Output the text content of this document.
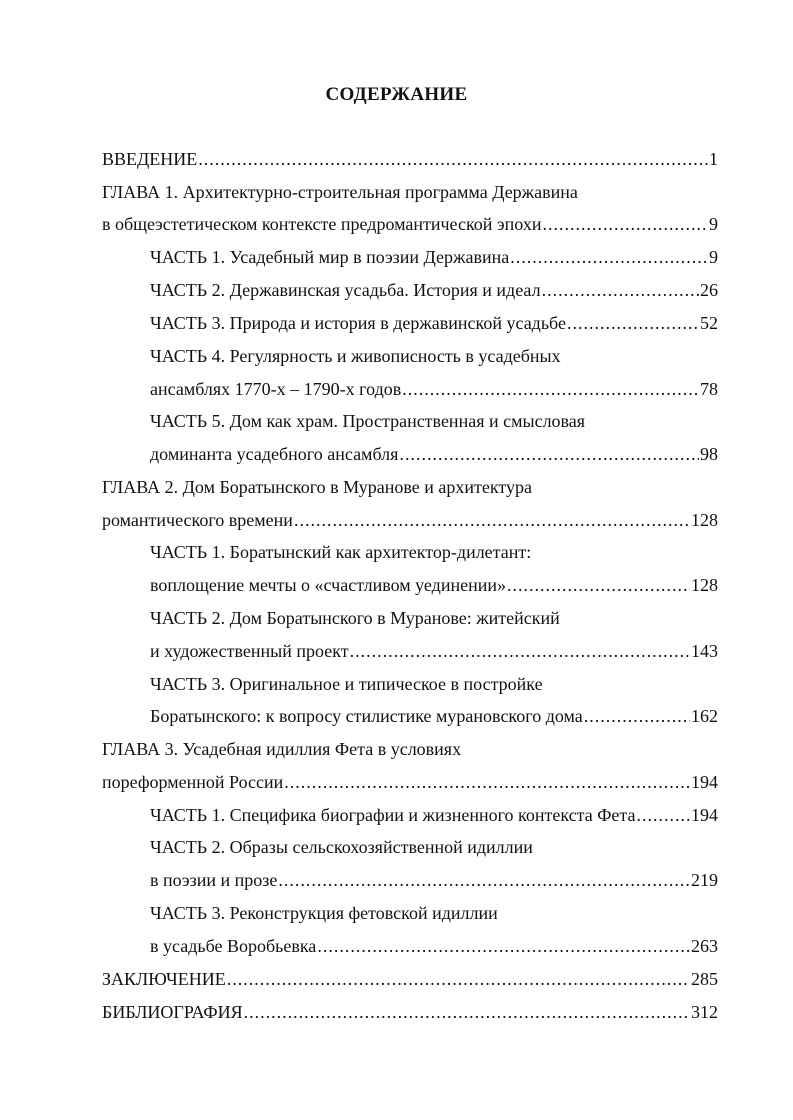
СОДЕРЖАНИЕ
ВВЕДЕНИЕ .....	1
ГЛАВА 1. Архитектурно-строительная программа Державина
в общеэстетическом контексте предромантической эпохи .....	9
ЧАСТЬ 1. Усадебный мир в поэзии Державина .....	9
ЧАСТЬ 2. Державинская усадьба. История и идеал .....	26
ЧАСТЬ 3. Природа и история в державинской усадьбе .....	52
ЧАСТЬ 4. Регулярность и живописность в усадебных
ансамблях 1770-х – 1790-х годов .....	78
ЧАСТЬ 5. Дом как храм. Пространственная и смысловая
доминанта усадебного ансамбля .....	98
ГЛАВА 2. Дом Боратынского в Муранове и архитектура
романтического времени .....	128
ЧАСТЬ 1. Боратынский как архитектор-дилетант:
воплощение мечты о «счастливом уединении» .....	128
ЧАСТЬ 2. Дом Боратынского в Муранове: житейский
и художественный проект .....	143
ЧАСТЬ 3. Оригинальное и типическое в постройке
Боратынского: к вопросу стилистике мурановского дома .....	162
ГЛАВА 3. Усадебная идиллия Фета в условиях
пореформенной России .....	194
ЧАСТЬ 1. Специфика биографии и жизненного контекста Фета .....	194
ЧАСТЬ 2. Образы сельскохозяйственной идиллии
в поэзии и прозе .....	219
ЧАСТЬ 3. Реконструкция фетовской идиллии
в усадьбе Воробьевка .....	263
ЗАКЛЮЧЕНИЕ .....	285
БИБЛИОГРАФИЯ .....	312
